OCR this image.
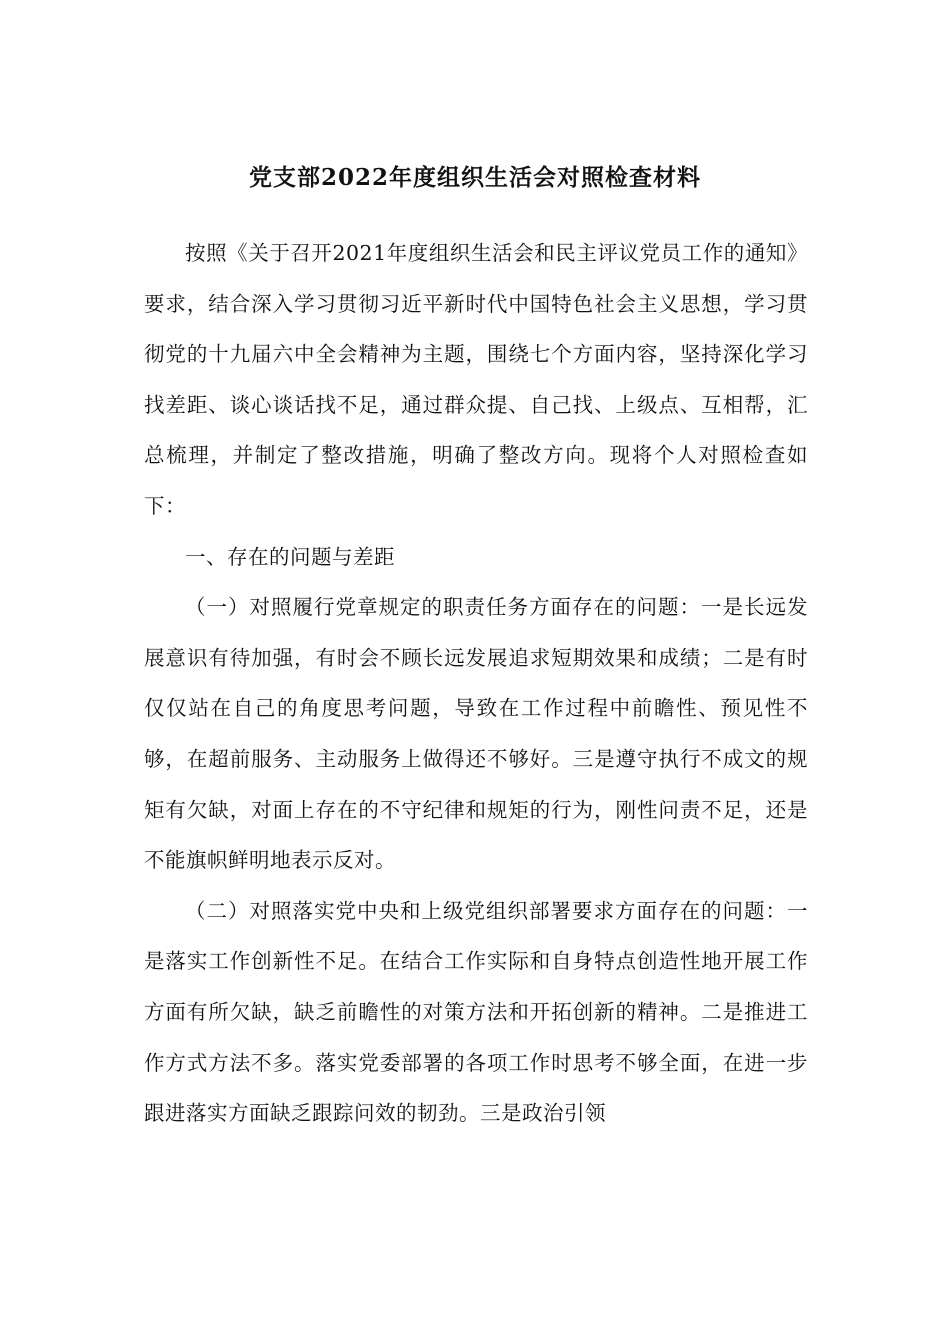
党支部2022年度组织生活会对照检查材料

按照《关于召开2021年度组织生活会和民主评议党员工作的通知》要求，结合深入学习贯彻习近平新时代中国特色社会主义思想，学习贯彻党的十九届六中全会精神为主题，围绕七个方面内容，坚持深化学习找差距、谈心谈话找不足，通过群众提、自己找、上级点、互相帮，汇总梳理，并制定了整改措施，明确了整改方向。现将个人对照检查如下：

一、存在的问题与差距

（一）对照履行党章规定的职责任务方面存在的问题：一是长远发展意识有待加强，有时会不顾长远发展追求短期效果和成绩；二是有时仅仅站在自己的角度思考问题，导致在工作过程中前瞻性、预见性不够，在超前服务、主动服务上做得还不够好。三是遵守执行不成文的规矩有欠缺，对面上存在的不守纪律和规矩的行为，刚性问责不足，还是不能旗帜鲜明地表示反对。

（二）对照落实党中央和上级党组织部署要求方面存在的问题：一是落实工作创新性不足。在结合工作实际和自身特点创造性地开展工作方面有所欠缺，缺乏前瞻性的对策方法和开拓创新的精神。二是推进工作方式方法不多。落实党委部署的各项工作时思考不够全面，在进一步跟进落实方面缺乏跟踪问效的韧劲。三是政治引领
